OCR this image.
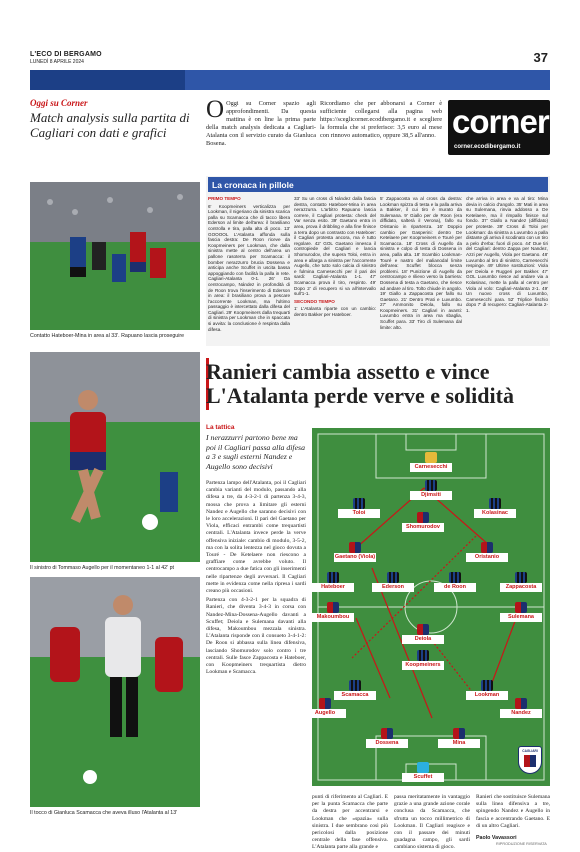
L'ECO DI BERGAMO
LUNEDÌ 8 APRILE 2024	37
Oggi su Corner
Match analysis sulla partita di Cagliari con dati e grafici
O Oggi su Corner spazio agli approfondimenti. Da questa mattina è on line la prima parte della match analysis dedicata a Cagliari-Atalanta con il servizio curato da Gianluca Bosena.
Ricordiamo che per abbonarsi a Corner è sufficiente collegarsi alla pagina web https://sceglicorner.ecodibergamo.it e scegliere la formula che si preferisce: 3,5 euro al mese con rinnovo automatico, oppure 38,5 all'anno. corner
corner.ecodibergamo.it
Contatto Hateboer-Mina in area al 33'. Rapuano lascia proseguire
La cronaca in pillole

PRIMO TEMPO

6' Koopmeiners verticalizza per Lookman, il nigeriano da sinistra scarica palla su Scamacca che di tacco libera Ederson al limite dell'area: il brasiliano controlla e tira, palla alta di poco. 13' GOOOOL L'Atalanta affonda sulla fascia destra: De Roon riceve da Koopmeiners per Lookman, che dalla sinistra mette al centro dell'area un pallone rasoterra per Scamacca: il bomber nerazzurro brucia Dossena e anticipa anche Scuffet in uscita bassa appoggiando con facilità la palla in rete. Cagliari-Atalanta 0-1. 26' Da centrocampo, Nández in profondità di de Roon trova l'inserimento di Ederson in area: il brasiliano prova a pescare l'accorrente Lookman, ma l'ultimo passaggio è intercettato dalla difesa del Cagliari. 29' Koopmeiners dalla trequarti di sinistra per Lookman che in spaccata si avvita: la conclusione è respinta dalla difesa.

33' Su un cross di Nández dalla fascia destra, contatto Hateboer-Mina in area nerazzurra. L'arbitro Rapuano lascia correre, il Cagliari protesta: check del Var senza esito. 39' Gaetano entra in area, prova il dribbling e alla fine finisce a terra dopo un contrasto con Hateboer: il Cagliari protesta ancora, ma è tutto regolare. 42' GOL Gaetano innesca il contropiede del Cagliari e lancia Shomurodov, che supera Toloi, entra in area e allarga a sinistra per l'accorrente Augello, che tutto solo calcia di sinistro e fulmina Carnesecchi per il pari dei sardi: Cagliari-Atalanta 1-1. 47' Scamacca prova il tiro, respinto. 49' Dopo 2' di recupero si va all'intervallo sull'1-1.

SECONDO TEMPO

1' L'Atalanta riparte con un cambio: dentro Bakker per Hateboer.

5' Zappacosta va al cross da destra: Lookman spizza di testa e la palla arriva a Bakker, il cui tiro è murato da Sulemana. 9' Giallo per de Roon (era diffidato, salterà il Verona), fallo su Oristanio in ripartenza. 16' Doppio cambio per Gasperini: dentro De Ketelaere per Koopmeiners e Touré per Scamacca. 18' Cross di Augello da sinistra e colpo di testa di Dossena in area, palla alta. 18' Scambio Lookman-Touré e nastro del malianodal limite dell'area: Scuffet blocca senza problemi. 18' Punizione di Augello da centrocampo e rilievo verso la barriera: Dossena di testa a Gaetano, che riesce ad andare al tiro. Tolto chiude in angolo. 19' Giallo a Zappacosta per fallo su Gaetano. 21' Dentro Prati e Luvumbo. 27' Ammonito Deiola, fallo su Koopmeiners. 31' Cagliari in avanti: Luvumbo entra in area ma sbaglia, Scuffet para. 33' Tiro di Sulemana dal limite: alto.

che arriva in area e va al tiro: Mina devia in calcio d'angolo. 35' Mati in area su Sulemana, rinvia addosso a De Ketelaere, ma il rimpallo finisce sul fondo. 37' Giallo a Nandez (diffidato) per proteste. 39' Cross di Toloi per Lookman: da sinistra a Luvumbo a palla distante gli arriva il scodinato con un tiro a pelo d'erba: fuori di poco. 44' Due tiri del Cagliari: dentro Zappa per Nandez, Azzi per Augello, Viola per Gaetano. 48' Luvumbo al tiro di sinistro, Carnesecchi respinge. 49' Ultime sostituzioni: Viola per Deiola e Ruggeri per Bakker. 47' GOL Luvumbo riesce ad andare via a Kolasinac, mette la palla al centro per Viola al volo: Cagliari-Atalanta 2-1. 49' Un nuovo cross di Luvumbo, Carnesecchi para. 52' Triplice fischio dopo 7' di recupero: Cagliari-Atalanta 2-1.

Il sinistro di Tommaso Augello per il momentaneo 1-1 al 42' pt
Il tocco di Gianluca Scamacca che aveva illuso l'Atalanta al 13'
Ranieri cambia assetto e vince
L'Atalanta perde verve e solidità
La tattica
I nerazzurri partono bene ma poi il Cagliari passa alla difesa a 3 e sugli esterni Nandez e Augello sono decisivi

Partenza lampo dell'Atalanta, poi il Cagliari cambia varianti del modulo, passando alla difesa a tre, da 4-3-2-1 di partenza 3-4-3, mossa che prova a limitare gli esterni Nandez e Augello che saranno decisivi con le loro accelerazioni. Il pari del Gaetano per Viola, efficaci entrambi come trequartisti centrali. L'Atalanta invece perde la verve offensiva iniziale: cambio di modulo, 3-5-2, ma con la solita lentezza nel gioco dovuta a Touré - De Ketelaere non riescono a graffiare come avrebbe voluto. Il centrocampo a due fatica con gli inserimenti nelle ripartenze degli avversari. Il Cagliari mette in evidenza come nella ripresa i sardi creano più occasioni.

Partenza con 4-3-2-1 per la squadra di Ranieri, che diventa 3-4-3 in corsa con Nandez-Mina-Dossena-Augello davanti a Scuffet; Deiola e Sulemana davanti alla difesa, Makoumbou mezzala sinistra. L'Atalanta risponde con il consueto 3-4-1-2: De Roon si abbassa sulla linea difensiva, lasciando Shomurodov solo contro i tre centrali. Sulle fasce Zappacosta e Hateboer, con Koopmeiners trequartista dietro Lookman e Scamacca.

punti di riferimento al Cagliari. E per la punta Scamacca che parte da destra per accentrarsi e Lookman che «spazia» sulla sinistra. I due sembrano così più pericolosi dalla posizione centrale della fase offensiva. L'Atalanta parte alla grande e

passa meritatamente in vantaggio grazie a una grande azione corale conclusa da Scamacca, che sfrutta un tocco millimetrico di Lookman. Il Cagliari reagisce e con il passare dei minuti guadagna campo, gli sardi cambiano sistema di gioco.

Ranieri che sostituisce Sulemana sulla linea difensiva a tre, spingendo Nandez e Augello in fascia e accentrando Gaetano. E di un altro Cagliari.

Paolo Vavassori
RIPRODUZIONE RISERVATA
Carnesecchi
Djimsiti
Toloi	Kolasinac
Hateboer	Ederson	de Roon	Zappacosta
Koopmeiners
Scamacca	Lookman
Scuffet
Dossena	Mina
Augello	Nandez
Deiola
Makoumbou	Sulemana
Gaetano (Viola)	Oristanio
Shomurodov
CAGLIARI
